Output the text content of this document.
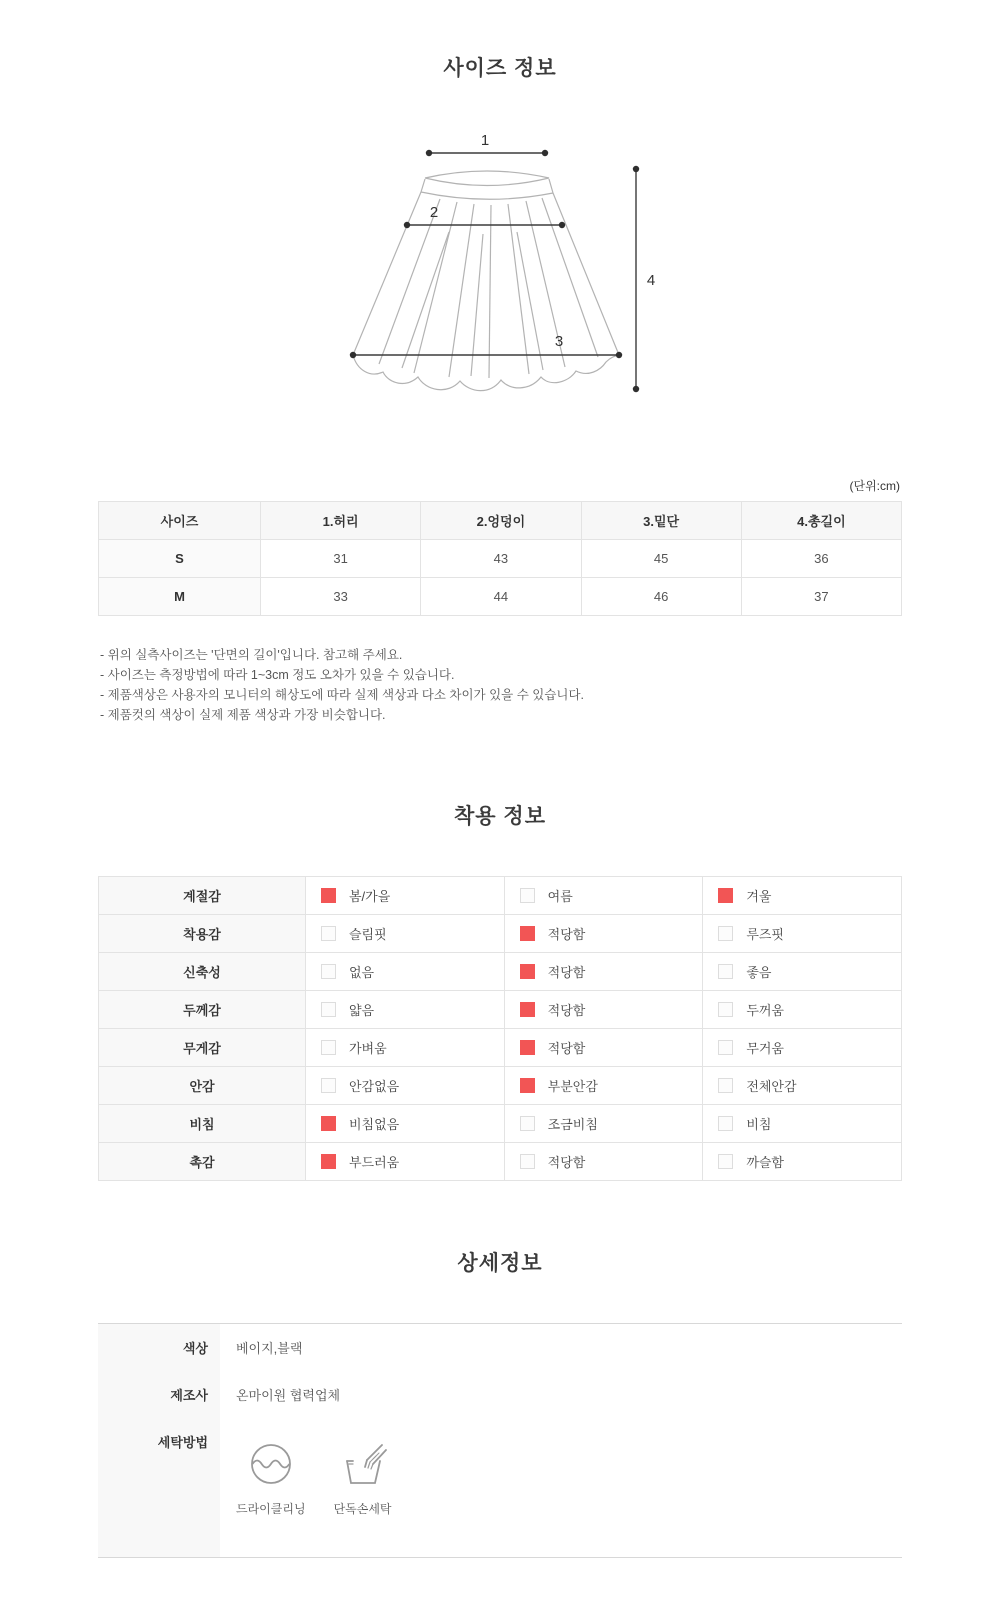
사이즈 정보
1
2
3
4
(단위:cm)
사이즈	1.허리	2.엉덩이	3.밑단	4.총길이
S	31	43	45	36
M	33	44	46	37

- 위의 실측사이즈는 '단면의 길이'입니다. 참고해 주세요.

- 사이즈는 측정방법에 따라 1~3cm 정도 오차가 있을 수 있습니다.

- 제품색상은 사용자의 모니터의 해상도에 따라 실제 색상과 다소 차이가 있을 수 있습니다.

- 제품컷의 색상이 실제 제품 색상과 가장 비슷합니다.

착용 정보
계절감	봄/가을	여름	겨울

착용감	슬림핏	적당함	루즈핏

신축성	없음	적당함	좋음

두께감	얇음	적당함	두꺼움

무게감	가벼움	적당함	무거움

안감	안감없음	부분안감	전체안감

비침	비침없음	조금비침	비침

촉감	부드러움	적당함	까슬함
상세정보
색상	베이지,블랙
제조사	온마이원 협력업체
세탁방법
드라이클리닝 단독손세탁
